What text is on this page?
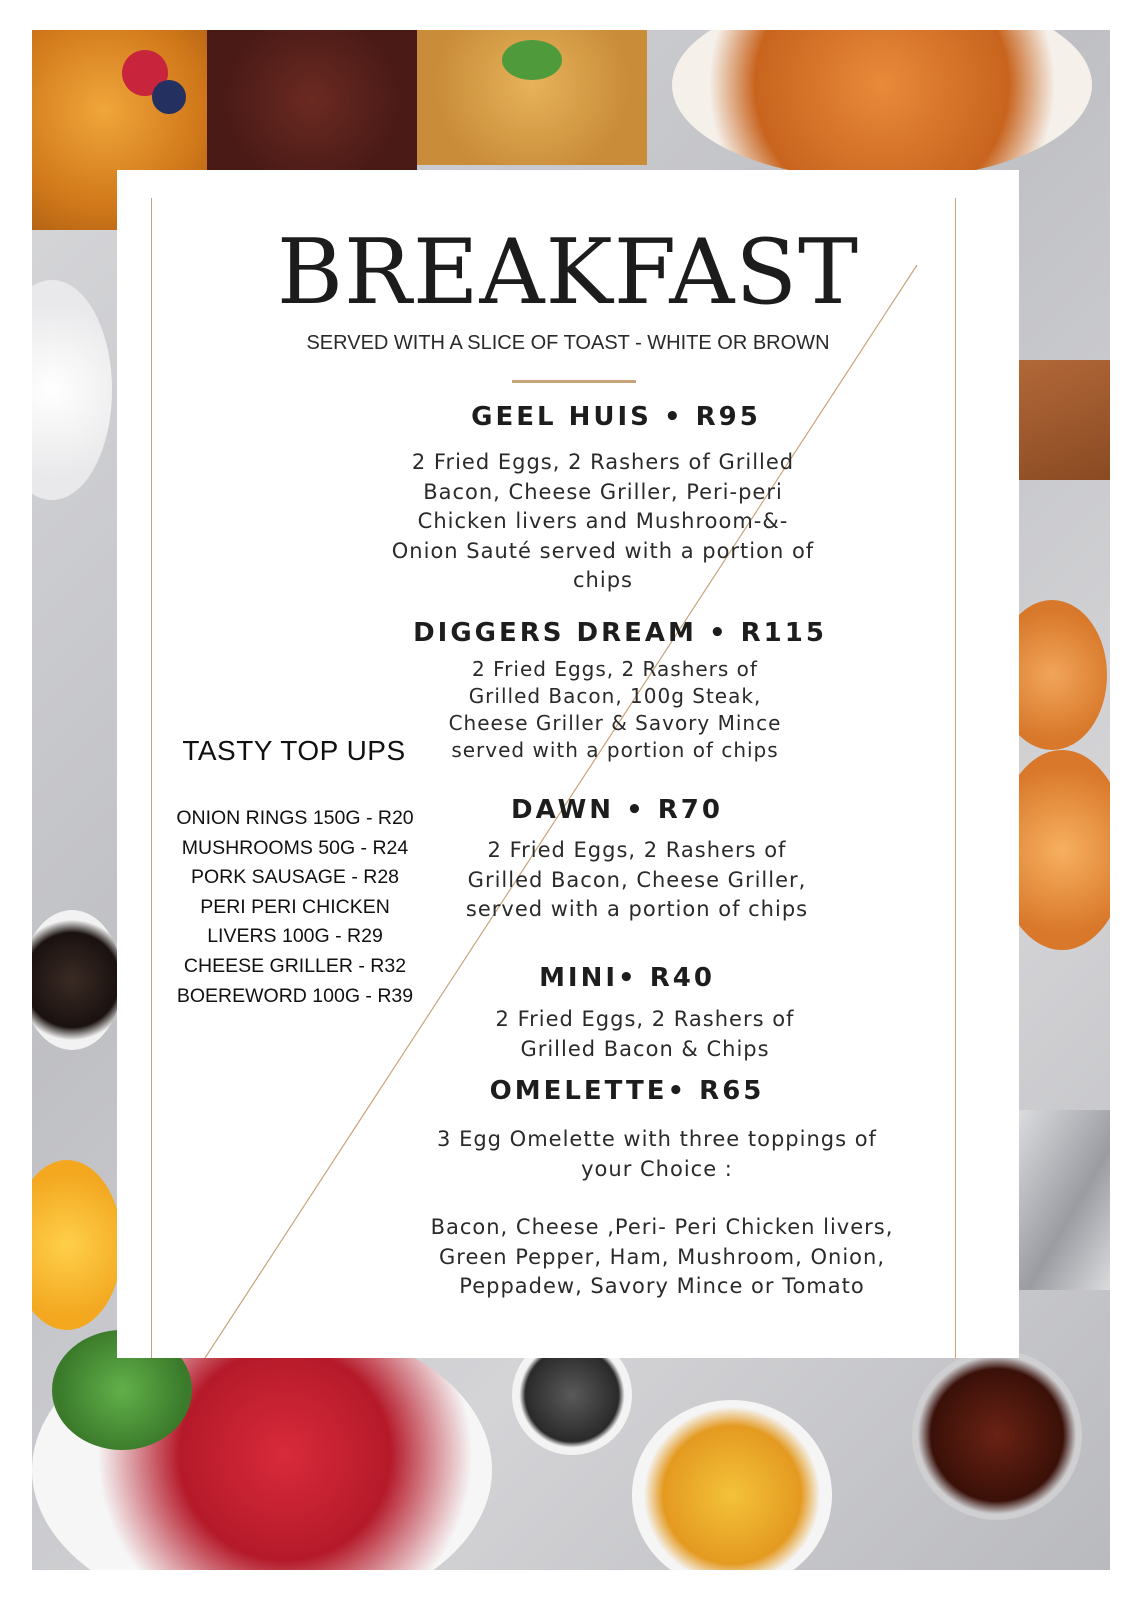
BREAKFAST
SERVED WITH A SLICE OF TOAST - WHITE OR BROWN
GEEL HUIS • R95
2 Fried Eggs, 2 Rashers of Grilled Bacon, Cheese Griller, Peri-peri Chicken livers and Mushroom-&-Onion Sauté served with a portion of chips
DIGGERS DREAM • R115
2 Fried Eggs, 2 Rashers of Grilled Bacon, 100g Steak, Cheese Griller & Savory Mince served with a portion of chips
DAWN • R70
2 Fried Eggs, 2 Rashers of Grilled Bacon, Cheese Griller, served with a portion of chips
MINI• R40
2 Fried Eggs, 2 Rashers of Grilled Bacon & Chips
OMELETTE• R65
3 Egg Omelette with three toppings of your Choice :
Bacon, Cheese ,Peri- Peri Chicken livers, Green Pepper, Ham, Mushroom, Onion, Peppadew, Savory Mince or Tomato
TASTY TOP UPS
ONION RINGS 150G - R20
MUSHROOMS 50G - R24
PORK SAUSAGE - R28
PERI PERI CHICKEN
LIVERS 100G - R29
CHEESE GRILLER - R32
BOEREWORD 100G - R39
